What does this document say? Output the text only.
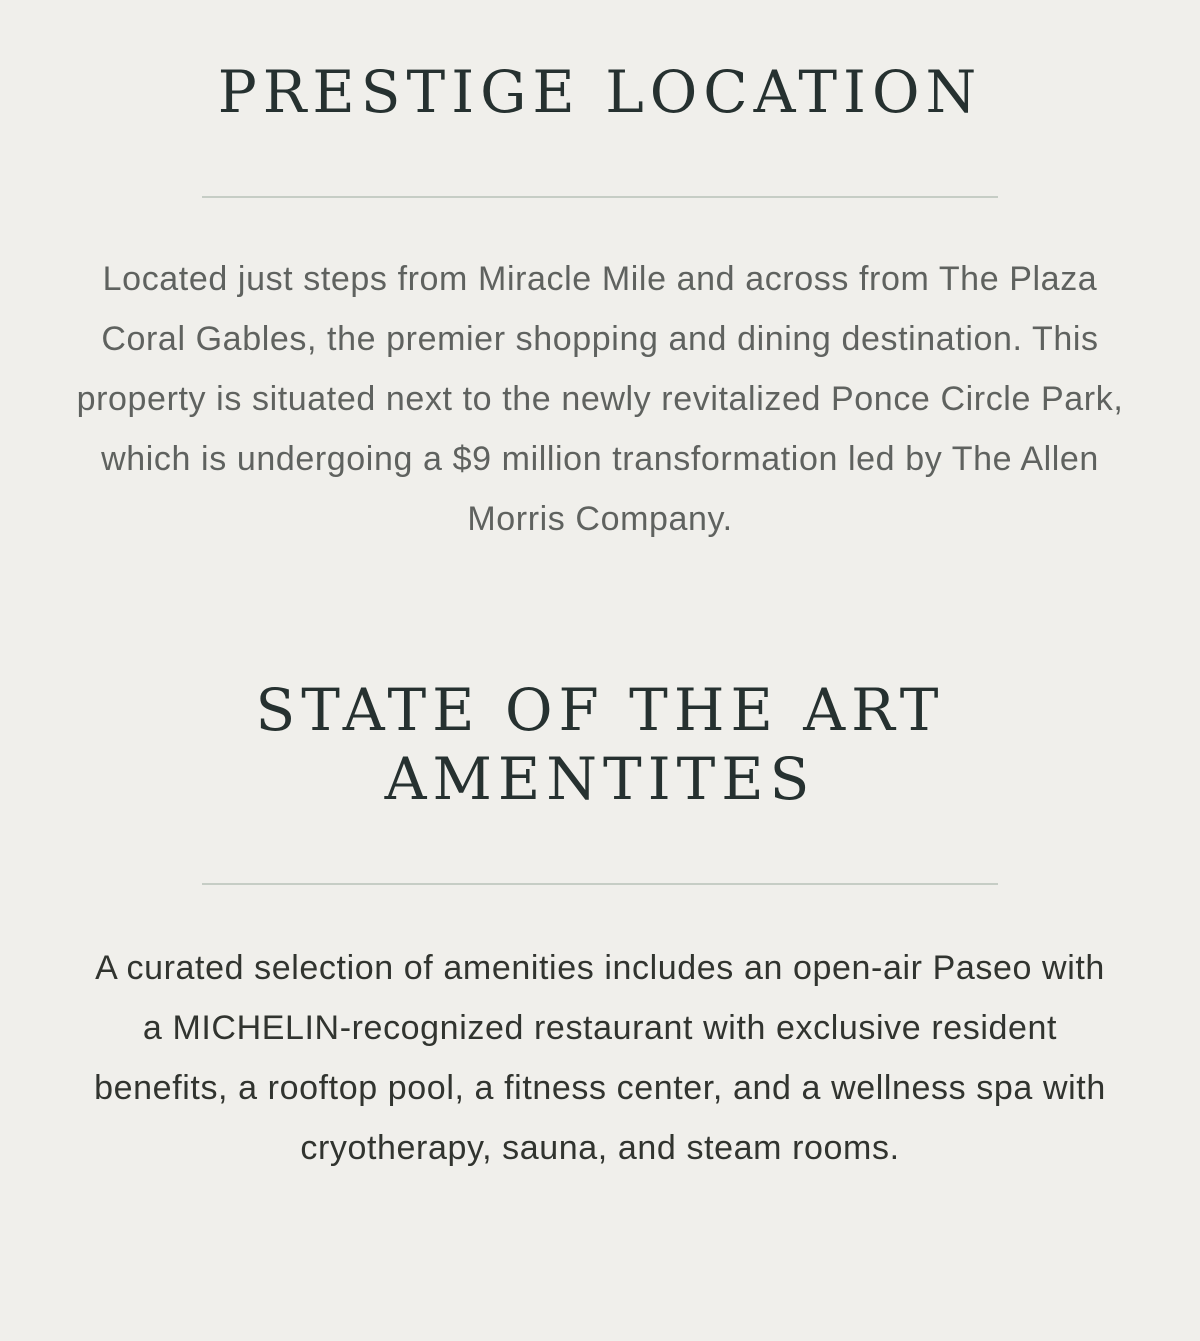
PRESTIGE LOCATION

Located just steps from Miracle Mile and across from The Plaza Coral Gables, the premier shopping and dining destination. This property is situated next to the newly revitalized Ponce Circle Park, which is undergoing a $9 million transformation led by The Allen Morris Company.

STATE OF THE ART
AMENTITES

A curated selection of amenities includes an open-air Paseo with a MICHELIN-recognized restaurant with exclusive resident benefits, a rooftop pool, a fitness center, and a wellness spa with cryotherapy, sauna, and steam rooms.
